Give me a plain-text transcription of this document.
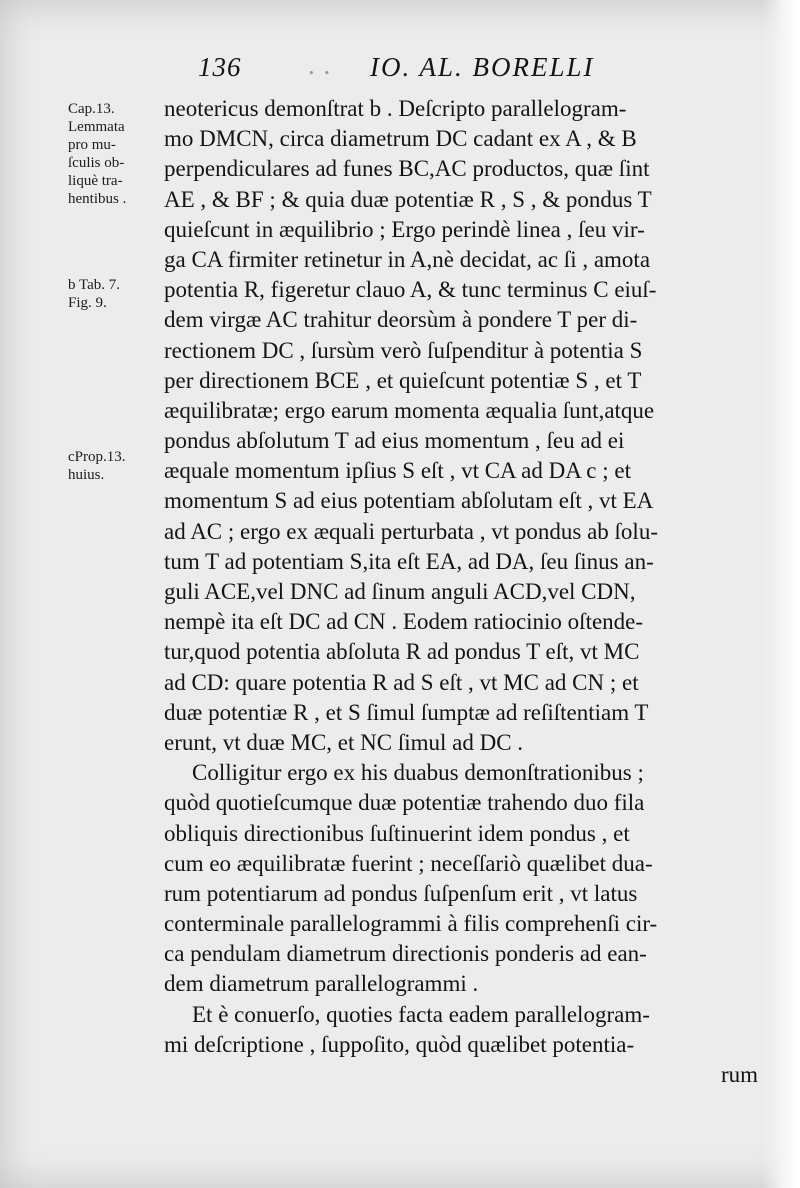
136 . . IO. AL. BORELLI
Cap.13.
Lemmata
pro mu-
ſculis ob-
liquè tra-
hentibus .
b Tab. 7.
Fig. 9.
cProp.13.
huius.
neotericus demonſtrat b . Deſcripto parallelogram-
mo DMCN, circa diametrum DC cadant ex A , & B
perpendiculares ad funes BC,AC productos, quæ ſint
AE , & BF ; & quia duæ potentiæ R , S , & pondus T
quieſcunt in æquilibrio ; Ergo perindè linea , ſeu vir-
ga CA firmiter retinetur in A,nè decidat, ac ſi , amota
potentia R, figeretur clauo A, & tunc terminus C eiuſ-
dem virgæ AC trahitur deorsùm à pondere T per di-
rectionem DC , ſursùm verò ſuſpenditur à potentia S
per directionem BCE , et quieſcunt potentiæ S , et T
æquilibratæ; ergo earum momenta æqualia ſunt,atque
pondus abſolutum T ad eius momentum , ſeu ad ei
æquale momentum ipſius S eſt , vt CA ad DA c ; et
momentum S ad eius potentiam abſolutam eſt , vt EA
ad AC ; ergo ex æquali perturbata , vt pondus ab ſolu-
tum T ad potentiam S,ita eſt EA, ad DA, ſeu ſinus an-
guli ACE,vel DNC ad ſinum anguli ACD,vel CDN,
nempè ita eſt DC ad CN . Eodem ratiocinio oſtende-
tur,quod potentia abſoluta R ad pondus T eſt, vt MC
ad CD: quare potentia R ad S eſt , vt MC ad CN ; et
duæ potentiæ R , et S ſimul ſumptæ ad reſiſtentiam T
erunt, vt duæ MC, et NC ſimul ad DC .
Colligitur ergo ex his duabus demonſtrationibus ;
quòd quotieſcumque duæ potentiæ trahendo duo fila
obliquis directionibus ſuſtinuerint idem pondus , et
cum eo æquilibratæ fuerint ; neceſſariò quælibet dua-
rum potentiarum ad pondus ſuſpenſum erit , vt latus
conterminale parallelogrammi à filis comprehenſi cir-
ca pendulam diametrum directionis ponderis ad ean-
dem diametrum parallelogrammi .
Et è conuerſo, quoties facta eadem parallelogram-
mi deſcriptione , ſuppoſito, quòd quælibet potentia-
rum
